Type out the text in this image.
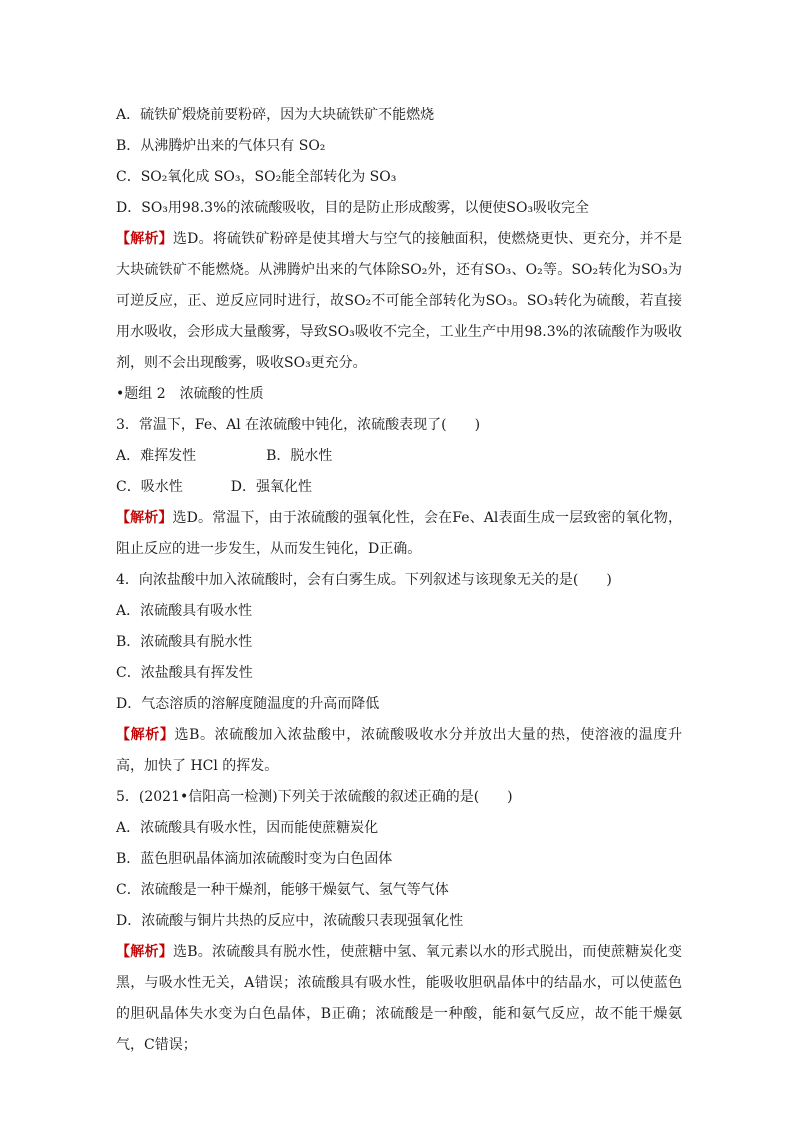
A．硫铁矿煅烧前要粉碎，因为大块硫铁矿不能燃烧
B．从沸腾炉出来的气体只有 SO₂
C．SO₂氧化成 SO₃，SO₂能全部转化为 SO₃
D．SO₃用98.3%的浓硫酸吸收，目的是防止形成酸雾，以便使SO₃吸收完全
【解析】选D。将硫铁矿粉碎是使其增大与空气的接触面积，使燃烧更快、更充分，并不是大块硫铁矿不能燃烧。从沸腾炉出来的气体除SO₂外，还有SO₃、O₂等。SO₂转化为SO₃为可逆反应，正、逆反应同时进行，故SO₂不可能全部转化为SO₃。SO₃转化为硫酸，若直接用水吸收，会形成大量酸雾，导致SO₃吸收不完全，工业生产中用98.3%的浓硫酸作为吸收剂，则不会出现酸雾，吸收SO₃更充分。
•题组 2　浓硫酸的性质
3．常温下，Fe、Al 在浓硫酸中钝化，浓硫酸表现了(　　)
A．难挥发性	B．脱水性
C．吸水性	D．强氧化性
【解析】选D。常温下，由于浓硫酸的强氧化性，会在Fe、Al表面生成一层致密的氧化物，阻止反应的进一步发生，从而发生钝化，D正确。
4．向浓盐酸中加入浓硫酸时，会有白雾生成。下列叙述与该现象无关的是(　　)
A．浓硫酸具有吸水性
B．浓硫酸具有脱水性
C．浓盐酸具有挥发性
D．气态溶质的溶解度随温度的升高而降低
【解析】选B。浓硫酸加入浓盐酸中，浓硫酸吸收水分并放出大量的热，使溶液的温度升高，加快了 HCl 的挥发。
5．(2021•信阳高一检测)下列关于浓硫酸的叙述正确的是(　　)
A．浓硫酸具有吸水性，因而能使蔗糖炭化
B．蓝色胆矾晶体滴加浓硫酸时变为白色固体
C．浓硫酸是一种干燥剂，能够干燥氨气、氢气等气体
D．浓硫酸与铜片共热的反应中，浓硫酸只表现强氧化性
【解析】选B。浓硫酸具有脱水性，使蔗糖中氢、氧元素以水的形式脱出，而使蔗糖炭化变黑，与吸水性无关，A错误；浓硫酸具有吸水性，能吸收胆矾晶体中的结晶水，可以使蓝色的胆矾晶体失水变为白色晶体，B正确；浓硫酸是一种酸，能和氨气反应，故不能干燥氨气，C错误；
